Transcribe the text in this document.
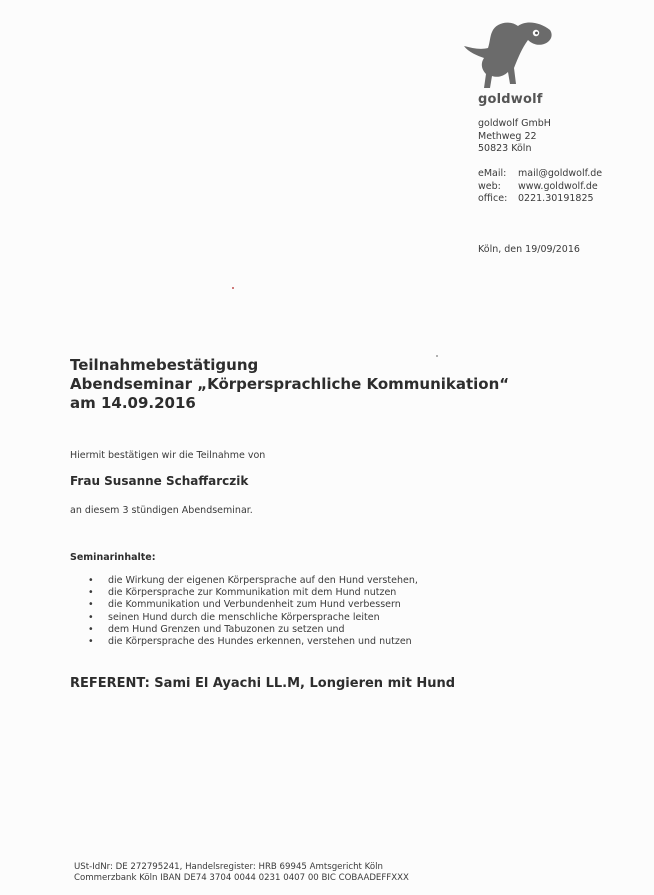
goldwolf
goldwolf GmbH
Methweg 22
50823 Köln
eMail:	mail@goldwolf.de
web:	www.goldwolf.de
office:	0221.30191825
Köln, den 19/09/2016
Teilnahmebestätigung
Abendseminar „Körpersprachliche Kommunikation“
am 14.09.2016
Hiermit bestätigen wir die Teilnahme von
Frau Susanne Schaffarczik
an diesem 3 stündigen Abendseminar.
Seminarinhalte:
•	die Wirkung der eigenen Körpersprache auf den Hund verstehen,
•	die Körpersprache zur Kommunikation mit dem Hund nutzen
•	die Kommunikation und Verbundenheit zum Hund verbessern
•	seinen Hund durch die menschliche Körpersprache leiten
•	dem Hund Grenzen und Tabuzonen zu setzen und
•	die Körpersprache des Hundes erkennen, verstehen und nutzen
REFERENT: Sami El Ayachi LL.M, Longieren mit Hund
USt-IdNr: DE 272795241, Handelsregister: HRB 69945 Amtsgericht Köln
Commerzbank Köln IBAN DE74 3704 0044 0231 0407 00 BIC COBAADEFFXXX
